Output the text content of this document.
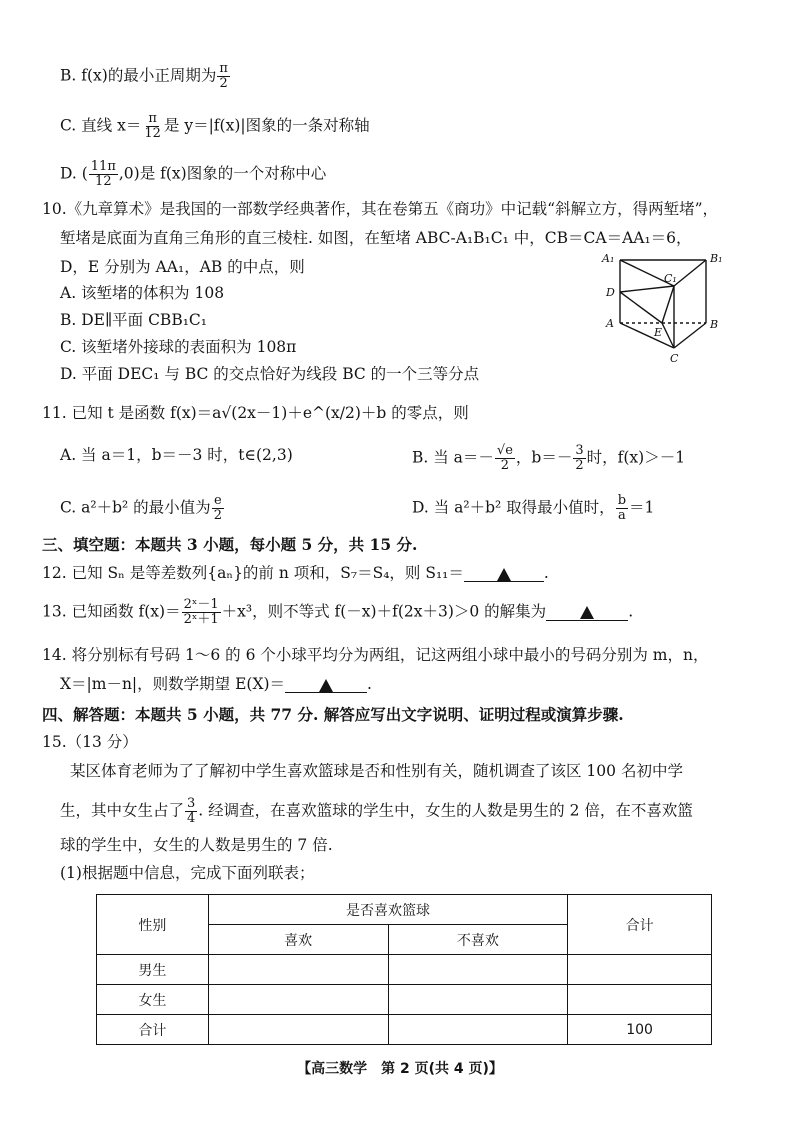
B. f(x)的最小正周期为 $\frac{\pi}{2}$
C. 直线 $x= \frac{\pi}{12}$ 是 y＝|f(x)|图象的一条对称轴
D. ( $\frac{11\pi}{12} ,0$)是 f(x)图象的一个对称中心
10.《九章算术》是我国的一部数学经典著作，其在卷第五《商功》中记载“斜解立方，得两堑堵”，
堑堵是底面为直角三角形的直三棱柱. 如图，在堑堵 ABC-A₁B₁C₁ 中，CB＝CA＝AA₁＝6，
D，E 分别为 AA₁，AB 的中点，则
A. 该堑堵的体积为 108
B. DE∥平面 CBB₁C₁
C. 该堑堵外接球的表面积为 108π
D. 平面 DEC₁ 与 BC 的交点恰好为线段 BC 的一个三等分点
A₁	B₁
C₁
D
A
E
B
C
11. 已知 t 是函数 f(x)＝a√(2x－1)＋e^(x/2)＋b 的零点，则
A. 当 a＝1，b＝－3 时，t∈(2,3)	B. 当 $a=- \frac{√e}{2}$ ，$b=- \frac{3}{2}$ 时，f(x)＞－1
C. a²＋b² 的最小值为 $\frac{e}{2}$	D. 当 a²＋b² 取得最小值时， $\frac{b}{a} =1$
三、填空题：本题共 3 小题，每小题 5 分，共 15 分.
12. 已知 Sₙ 是等差数列{aₙ}的前 n 项和，S₇＝S₄，则 S₁₁＝	.
13. 已知函数 $f(x)= \frac{\text{2ˣ－1}}{\text{2ˣ＋1}} +x^3$，则不等式 f(－x)＋f(2x＋3)＞0 的解集为	.
14. 将分别标有号码 1～6 的 6 个小球平均分为两组，记这两组小球中最小的号码分别为 m，n，
X＝|m－n|，则数学期望 E(X)＝	.
四、解答题：本题共 5 小题，共 77 分. 解答应写出文字说明、证明过程或演算步骤.
15.（13 分）
某区体育老师为了了解初中学生喜欢篮球是否和性别有关，随机调查了该区 100 名初中学
生，其中女生占了 $\frac{3}{4}$ . 经调查，在喜欢篮球的学生中，女生的人数是男生的 2 倍，在不喜欢篮
球的学生中，女生的人数是男生的 7 倍.
(1)根据题中信息，完成下面列联表；
性别	是否喜欢篮球		合计
	喜欢	不喜欢	
男生			
女生			
合计			100
【高三数学　第 2 页(共 4 页)】
